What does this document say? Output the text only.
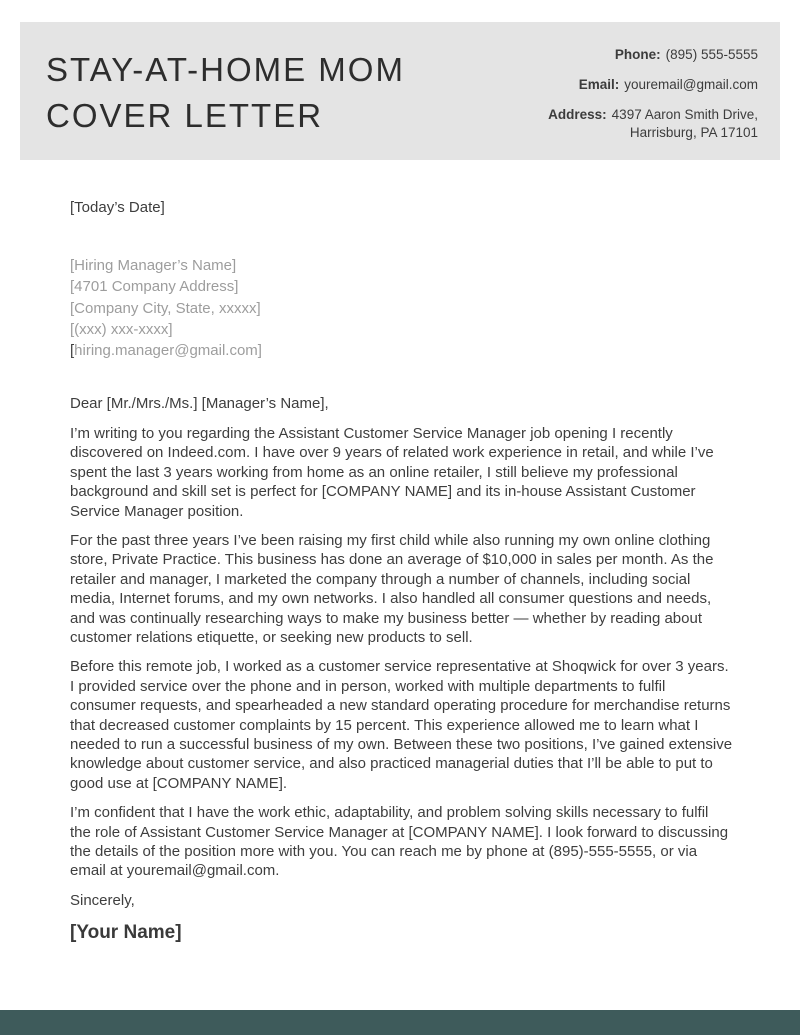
STAY-AT-HOME MOM
COVER LETTER
Phone: (895) 555-5555
Email: youremail@gmail.com
Address: 4397 Aaron Smith Drive,
Harrisburg, PA 17101
[Today’s Date]
[Hiring Manager’s Name]
[4701 Company Address]
[Company City, State, xxxxx]
[(xxx) xxx-xxxx]
[hiring.manager@gmail.com]

Dear [Mr./Mrs./Ms.] [Manager’s Name],

I’m writing to you regarding the Assistant Customer Service Manager job opening I recently discovered on Indeed.com. I have over 9 years of related work experience in retail, and while I’ve spent the last 3 years working from home as an online retailer, I still believe my professional background and skill set is perfect for [COMPANY NAME] and its in-house Assistant Customer Service Manager position.

For the past three years I’ve been raising my first child while also running my own online clothing store, Private Practice. This business has done an average of $10,000 in sales per month. As the retailer and manager, I marketed the company through a number of channels, including social media, Internet forums, and my own networks. I also handled all consumer questions and needs, and was continually researching ways to make my business better — whether by reading about customer relations etiquette, or seeking new products to sell.

Before this remote job, I worked as a customer service representative at Shoqwick for over 3 years. I provided service over the phone and in person, worked with multiple departments to fulfil consumer requests, and spearheaded a new standard operating procedure for merchandise returns that decreased customer complaints by 15 percent. This experience allowed me to learn what I needed to run a successful business of my own. Between these two positions, I’ve gained extensive knowledge about customer service, and also practiced managerial duties that I’ll be able to put to good use at [COMPANY NAME].

I’m confident that I have the work ethic, adaptability, and problem solving skills necessary to fulfil the role of Assistant Customer Service Manager at [COMPANY NAME]. I look forward to discussing the details of the position more with you. You can reach me by phone at (895)-555-5555, or via email at youremail@gmail.com.

Sincerely,

[Your Name]
